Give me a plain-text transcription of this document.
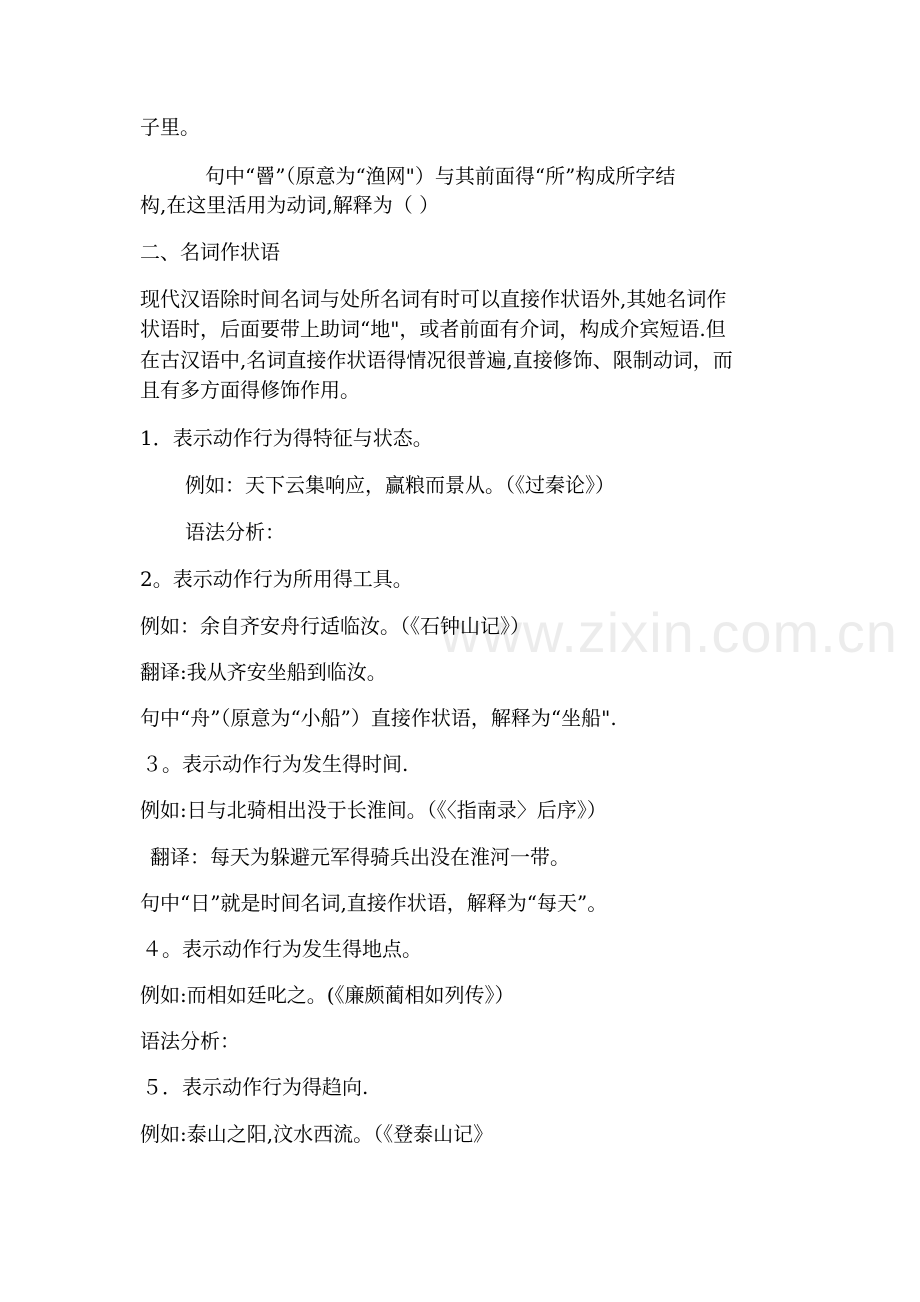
www.zixin.com.cn
子里。
句中“罾”（原意为“渔网"）与其前面得“所”构成所字结
构,在这里活用为动词,解释为（ ）
二、名词作状语
现代汉语除时间名词与处所名词有时可以直接作状语外,其她名词作
状语时，后面要带上助词“地"，或者前面有介词，构成介宾短语.但
在古汉语中,名词直接作状语得情况很普遍,直接修饰、限制动词，而
且有多方面得修饰作用。
1．表示动作行为得特征与状态。
例如：天下云集响应，赢粮而景从。（《过秦论》）
语法分析：
2。表示动作行为所用得工具。
例如：余自齐安舟行适临汝。（《石钟山记》）
翻译:我从齐安坐船到临汝。
句中“舟”（原意为“小船”）直接作状语，解释为“坐船".
３。表示动作行为发生得时间.
例如:日与北骑相出没于长淮间。（《〈指南录〉后序》）
翻译：每天为躲避元军得骑兵出没在淮河一带。
句中“日”就是时间名词,直接作状语，解释为“每天”。
４。表示动作行为发生得地点。
例如:而相如廷叱之。(《廉颇蔺相如列传》）
语法分析：
５．表示动作行为得趋向.
例如:泰山之阳,汶水西流。（《登泰山记》
